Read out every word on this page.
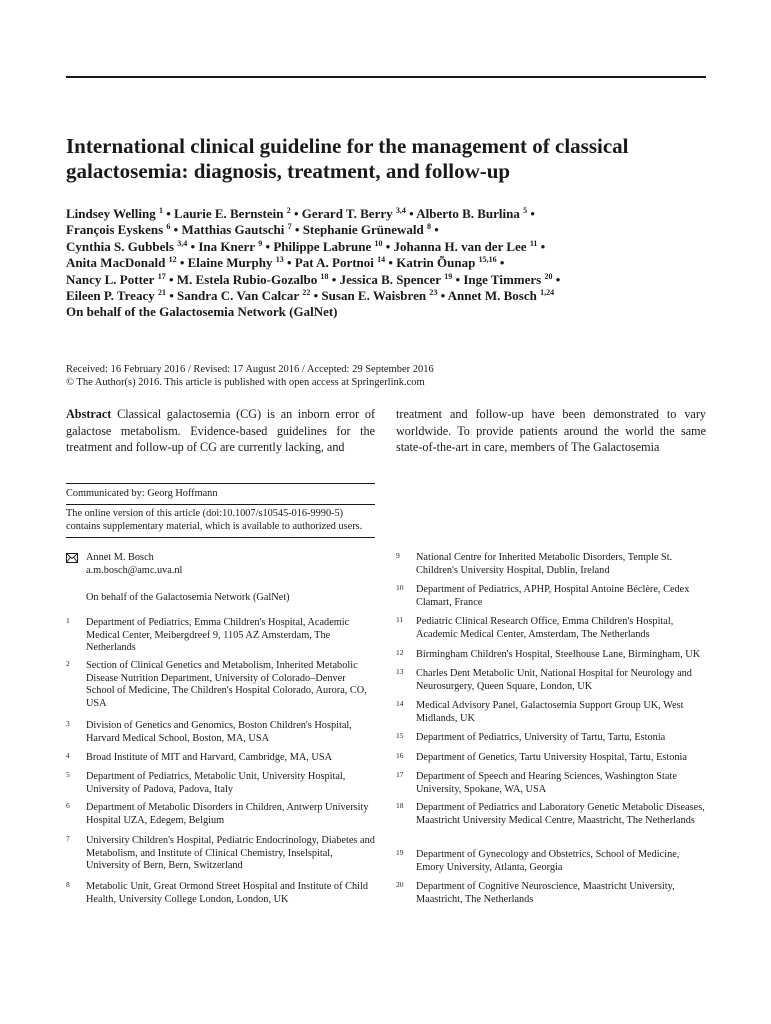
International clinical guideline for the management of classical galactosemia: diagnosis, treatment, and follow-up
Lindsey Welling $^1$ • Laurie E. Bernstein $^2$ • Gerard T. Berry $^{3,4}$ • Alberto B. Burlina $^5$ •
François Eyskens $^6$ • Matthias Gautschi $^7$ • Stephanie Grünewald $^8$ •
Cynthia S. Gubbels $^{3,4}$ • Ina Knerr $^9$ • Philippe Labrune $^{10}$ • Johanna H. van der Lee $^{11}$ •
Anita MacDonald $^{12}$ • Elaine Murphy $^{13}$ • Pat A. Portnoi $^{14}$ • Katrin Õunap $^{15,16}$ •
Nancy L. Potter $^{17}$ • M. Estela Rubio-Gozalbo $^{18}$ • Jessica B. Spencer $^{19}$ • Inge Timmers $^{20}$ •
Eileen P. Treacy $^{21}$ • Sandra C. Van Calcar $^{22}$ • Susan E. Waisbren $^{23}$ • Annet M. Bosch $^{1,24}$
On behalf of the Galactosemia Network (GalNet)
Received: 16 February 2016 / Revised: 17 August 2016 / Accepted: 29 September 2016
© The Author(s) 2016. This article is published with open access at Springerlink.com

Abstract Classical galactosemia (CG) is an inborn error of galactose metabolism. Evidence-based guidelines for the treatment and follow-up of CG are currently lacking, and

treatment and follow-up have been demonstrated to vary worldwide. To provide patients around the world the same state-of-the-art in care, members of The Galactosemia

Communicated by: Georg Hoffmann
The online version of this article (doi:10.1007/s10545-016-9990-5) contains supplementary material, which is available to authorized users.
Annet M. Bosch
a.m.bosch@amc.uva.nl
On behalf of the Galactosemia Network (GalNet)
1 Department of Pediatrics, Emma Children's Hospital, Academic Medical Center, Meibergdreef 9, 1105 AZ Amsterdam, The Netherlands
2 Section of Clinical Genetics and Metabolism, Inherited Metabolic Disease Nutrition Department, University of Colorado–Denver School of Medicine, The Children's Hospital Colorado, Aurora, CO, USA
3 Division of Genetics and Genomics, Boston Children's Hospital, Harvard Medical School, Boston, MA, USA
4 Broad Institute of MIT and Harvard, Cambridge, MA, USA
5 Department of Pediatrics, Metabolic Unit, University Hospital, University of Padova, Padova, Italy
6 Department of Metabolic Disorders in Children, Antwerp University Hospital UZA, Edegem, Belgium
7 University Children's Hospital, Pediatric Endocrinology, Diabetes and Metabolism, and Institute of Clinical Chemistry, Inselspital, University of Bern, Bern, Switzerland
8 Metabolic Unit, Great Ormond Street Hospital and Institute of Child Health, University College London, London, UK
9 National Centre for Inherited Metabolic Disorders, Temple St. Children's University Hospital, Dublin, Ireland
10 Department of Pediatrics, APHP, Hospital Antoine Béclère, Cedex Clamart, France
11 Pediatric Clinical Research Office, Emma Children's Hospital, Academic Medical Center, Amsterdam, The Netherlands
12 Birmingham Children's Hospital, Steelhouse Lane, Birmingham, UK
13 Charles Dent Metabolic Unit, National Hospital for Neurology and Neurosurgery, Queen Square, London, UK
14 Medical Advisory Panel, Galactosemia Support Group UK, West Midlands, UK
15 Department of Pediatrics, University of Tartu, Tartu, Estonia
16 Department of Genetics, Tartu University Hospital, Tartu, Estonia
17 Department of Speech and Hearing Sciences, Washington State University, Spokane, WA, USA
18 Department of Pediatrics and Laboratory Genetic Metabolic Diseases, Maastricht University Medical Centre, Maastricht, The Netherlands
19 Department of Gynecology and Obstetrics, School of Medicine, Emory University, Atlanta, Georgia
20 Department of Cognitive Neuroscience, Maastricht University, Maastricht, The Netherlands
